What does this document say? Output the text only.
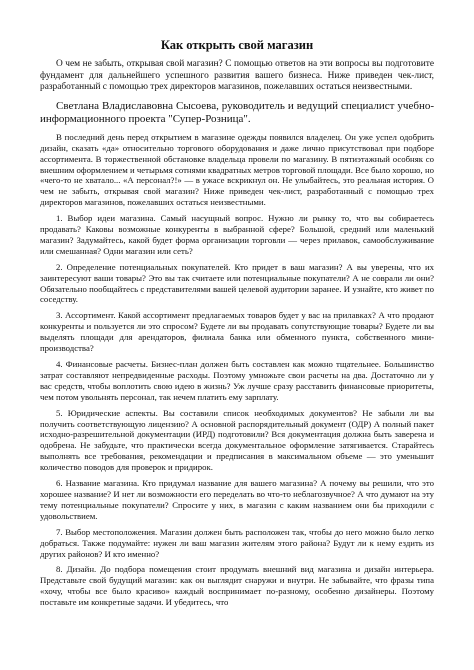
Как открыть свой магазин

О чем не забыть, открывая свой магазин? С помощью ответов на эти вопросы вы подготовите фундамент для дальнейшего успешного развития вашего бизнеса. Ниже приведен чек-лист, разработанный с помощью трех директоров магазинов, пожелавших остаться неизвестными.

Светлана Владиславовна Сысоева, руководитель и ведущий специалист учебно-информационного проекта "Супер-Розница".

В последний день перед открытием в магазине одежды появился владелец. Он уже успел одобрить дизайн, сказать «да» относительно торгового оборудования и даже лично присутствовал при подборе ассортимента. В торжественной обстановке владельца провели по магазину. В пятиэтажный особняк со внешним оформлением и четырьмя сотнями квадратных метров торговой площади. Все было хорошо, но «чего-то не хватало... «А персонал?!» — в ужасе вскрикнул он. Не улыбайтесь, это реальная история. О чем не забыть, открывая свой магазин? Ниже приведен чек-лист, разработанный с помощью трех директоров магазинов, пожелавших остаться неизвестными.

1. Выбор идеи магазина. Самый насущный вопрос. Нужно ли рынку то, что вы собираетесь продавать? Каковы возможные конкуренты в выбранной сфере? Большой, средний или маленький магазин? Задумайтесь, какой будет форма организации торговли — через прилавок, самообслуживание или смешанная? Одни магазин или сеть?

2. Определение потенциальных покупателей. Кто придет в ваш магазин? А вы уверены, что их заинтересуют ваши товары? Это вы так считаете или потенциальные покупатели? А не соврали ли они? Обязательно пообщайтесь с представителями вашей целевой аудитории заранее. И узнайте, кто живет по соседству.

3. Ассортимент. Какой ассортимент предлагаемых товаров будет у вас на прилавках? А что продают конкуренты и пользуется ли это спросом? Будете ли вы продавать сопутствующие товары? Будете ли вы выделять площади для арендаторов, филиала банка или обменного пункта, собственного мини-производства?

4. Финансовые расчеты. Бизнес-план должен быть составлен как можно тщательнее. Большинство затрат составляют непредвиденные расходы. Поэтому умножьте свои расчеты на два. Достаточно ли у вас средств, чтобы воплотить свою идею в жизнь? Уж лучше сразу расставить финансовые приоритеты, чем потом увольнять персонал, так нечем платить ему зарплату.

5. Юридические аспекты. Вы составили список необходимых документов? Не забыли ли вы получить соответствующую лицензию? А основной распорядительный документ (ОДР) А полный пакет исходно-разрешительной документации (ИРД) подготовили? Вся документация должна быть заверена и одобрена. Не забудьте, что практически всегда документальное оформление затягивается. Старайтесь выполнять все требования, рекомендации и предписания в максимальном объеме — это уменьшит количество поводов для проверок и придирок.

6. Название магазина. Кто придумал название для вашего магазина? А почему вы решили, что это хорошее название? И нет ли возможности его переделать во что-то неблагозвучное? А что думают на эту тему потенциальные покупатели? Спросите у них, в магазин с каким названием они бы приходили с удовольствием.

7. Выбор местоположения. Магазин должен быть расположен так, чтобы до него можно было легко добраться. Также подумайте: нужен ли ваш магазин жителям этого района? Будут ли к нему ездить из других районов? И кто именно?

8. Дизайн. До подбора помещения стоит продумать внешний вид магазина и дизайн интерьера. Представьте свой будущий магазин: как он выглядит снаружи и внутри. Не забывайте, что фразы типа «хочу, чтобы все было красиво» каждый воспринимает по-разному, особенно дизайнеры. Поэтому поставьте им конкретные задачи. И убедитесь, что
